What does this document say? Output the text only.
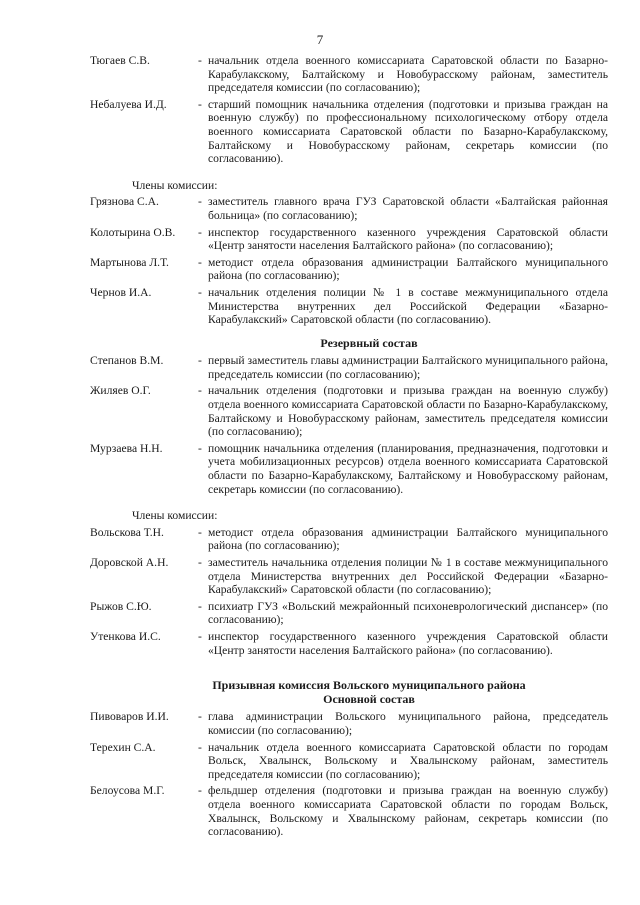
7
Тюгаев С.В.	- начальник отдела военного комиссариата Саратовской области по Базарно-Карабулакскому, Балтайскому и Новобурасскому районам, заместитель председателя комиссии (по согласованию);
Небалуева И.Д.	- старший помощник начальника отделения (подготовки и призыва граждан на военную службу) по профессиональному психологическому отбору отдела военного комиссариата Саратовской области по Базарно-Карабулакскому, Балтайскому и Новобурасскому районам, секретарь комиссии (по согласованию).
Члены комиссии:
Грязнова С.А.	- заместитель главного врача ГУЗ Саратовской области «Балтайская районная больница» (по согласованию);
Колотырина О.В.	- инспектор государственного казенного учреждения Саратовской области «Центр занятости населения Балтайского района» (по согласованию);
Мартынова Л.Т.	- методист отдела образования администрации Балтайского муниципального района (по согласованию);
Чернов И.А.	- начальник отделения полиции № 1 в составе межмуниципального отдела Министерства внутренних дел Российской Федерации «Базарно-Карабулакский» Саратовской области (по согласованию).
Резервный состав
Степанов В.М.	- первый заместитель главы администрации Балтайского муниципального района, председатель комиссии (по согласованию);
Жиляев О.Г.	- начальник отделения (подготовки и призыва граждан на военную службу) отдела военного комиссариата Саратовской области по Базарно-Карабулакскому, Балтайскому и Новобурасскому районам, заместитель председателя комиссии (по согласованию);
Мурзаева Н.Н.	- помощник начальника отделения (планирования, предназначения, подготовки и учета мобилизационных ресурсов) отдела военного комиссариата Саратовской области по Базарно-Карабулакскому, Балтайскому и Новобурасскому районам, секретарь комиссии (по согласованию).
Члены комиссии:
Вольскова Т.Н.	- методист отдела образования администрации Балтайского муниципального района (по согласованию);
Доровской А.Н.	- заместитель начальника отделения полиции № 1 в составе межмуниципального отдела Министерства внутренних дел Российской Федерации «Базарно-Карабулакский» Саратовской области (по согласованию);
Рыжов С.Ю.	- психиатр ГУЗ «Вольский межрайонный психоневрологический диспансер» (по согласованию);
Утенкова И.С.	- инспектор государственного казенного учреждения Саратовской области «Центр занятости населения Балтайского района» (по согласованию).
Призывная комиссия Вольского муниципального района
Основной состав
Пивоваров И.И.	- глава администрации Вольского муниципального района, председатель комиссии (по согласованию);
Терехин С.А.	- начальник отдела военного комиссариата Саратовской области по городам Вольск, Хвалынск, Вольскому и Хвалынскому районам, заместитель председателя комиссии (по согласованию);
Белоусова М.Г.	- фельдшер отделения (подготовки и призыва граждан на военную службу) отдела военного комиссариата Саратовской области по городам Вольск, Хвалынск, Вольскому и Хвалынскому районам, секретарь комиссии (по согласованию).
